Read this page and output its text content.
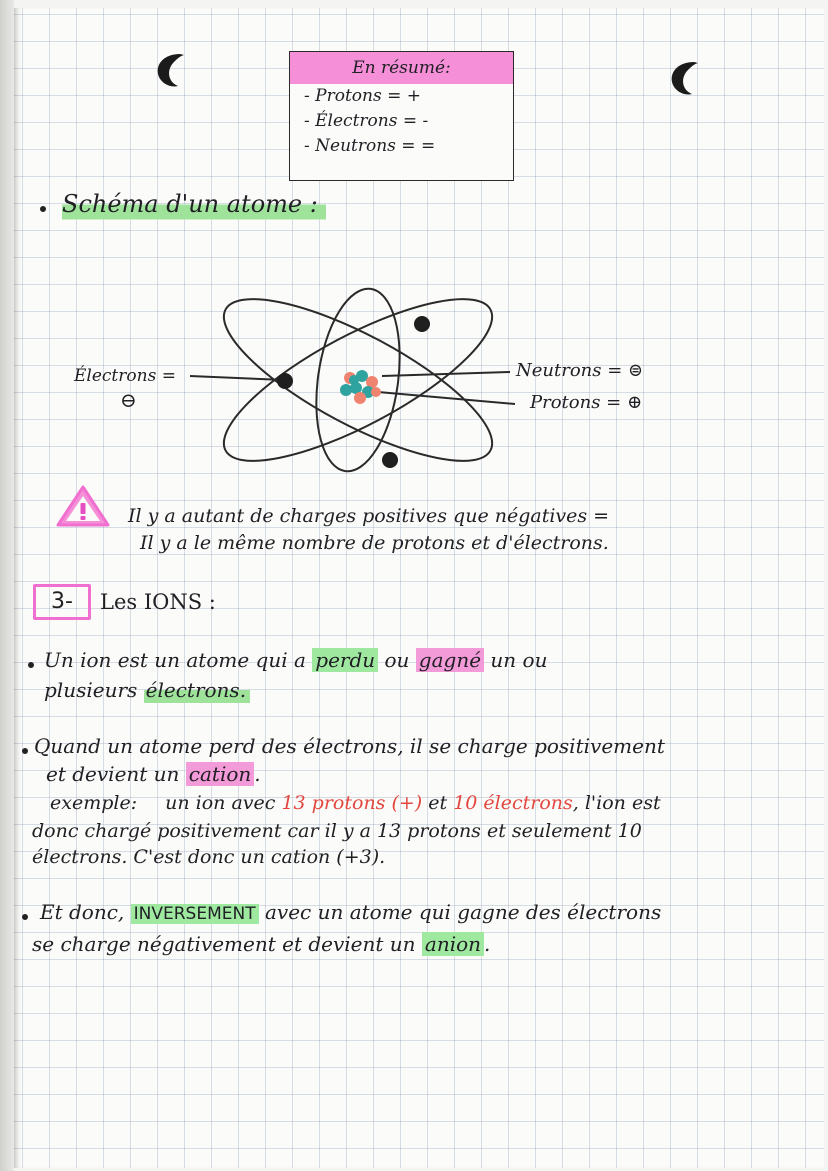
En résumé:
- Protons = +
- Électrons = -
- Neutrons = =
Schéma d'un atome :
Électrons =
⊖
Neutrons = ⊜
Protons = ⊕
Il y a autant de charges positives que négatives =
Il y a le même nombre de protons et d'électrons.
3-	Les IONS :
Un ion est un atome qui a perdu ou gagné un ou
plusieurs électrons.
Quand un atome perd des électrons, il se charge positivement
et devient un cation .
exemple: un ion avec 13 protons (+) et 10 électrons, l'ion est
donc chargé positivement car il y a 13 protons et seulement 10
électrons. C'est donc un cation (+3).
Et donc, INVERSEMENT avec un atome qui gagne des électrons
se charge négativement et devient un anion .
